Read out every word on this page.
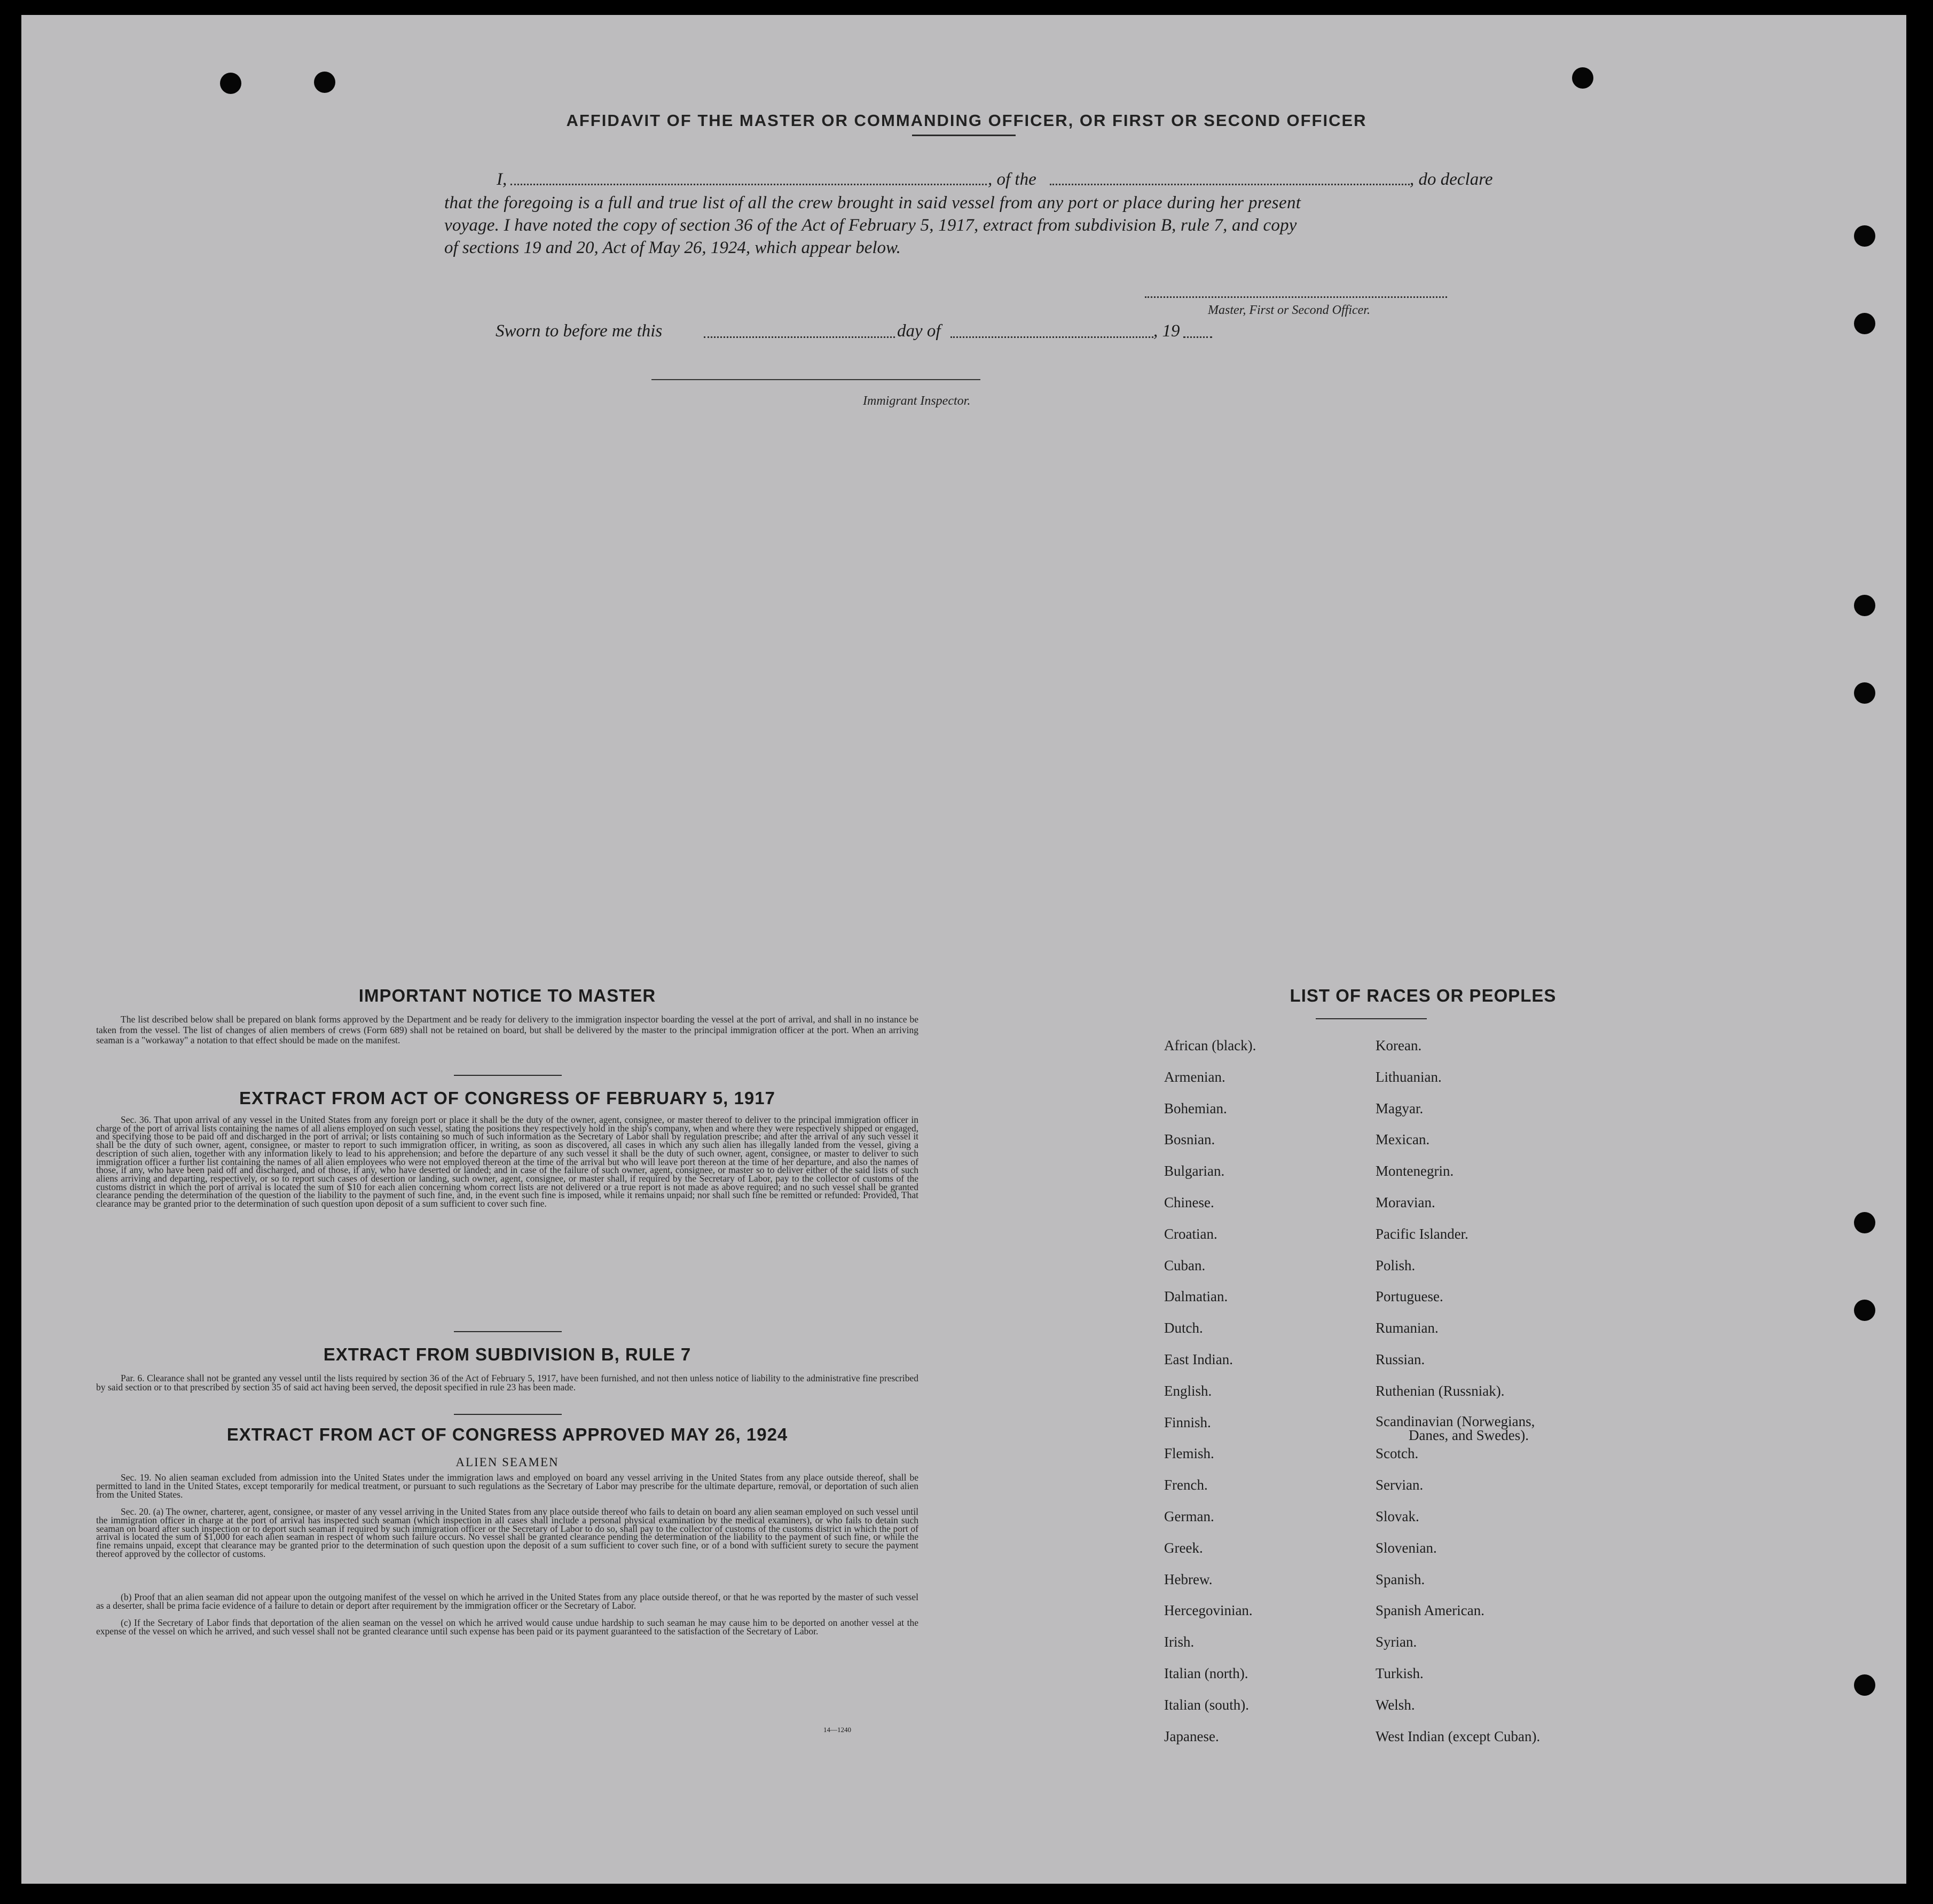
AFFIDAVIT OF THE MASTER OR COMMANDING OFFICER, OR FIRST OR SECOND OFFICER
I,	, of the	, do declare
that the foregoing is a full and true list of all the crew brought in said vessel from any port or place during her present
voyage. I have noted the copy of section 36 of the Act of February 5, 1917, extract from subdivision B, rule 7, and copy
of sections 19 and 20, Act of May 26, 1924, which appear below.
Master, First or Second Officer.
Sworn to before me this	day of	, 19
Immigrant Inspector.
IMPORTANT NOTICE TO MASTER
The list described below shall be prepared on blank forms approved by the Department and be ready for delivery to the immigration inspector boarding the vessel at the port of arrival, and shall in no instance be taken from the vessel. The list of changes of alien members of crews (Form 689) shall not be retained on board, but shall be delivered by the master to the principal immigration officer at the port. When an arriving seaman is a "workaway" a notation to that effect should be made on the manifest.
EXTRACT FROM ACT OF CONGRESS OF FEBRUARY 5, 1917
Sec. 36. That upon arrival of any vessel in the United States from any foreign port or place it shall be the duty of the owner, agent, consignee, or master thereof to deliver to the principal immigration officer in charge of the port of arrival lists containing the names of all aliens employed on such vessel, stating the positions they respectively hold in the ship's company, when and where they were respectively shipped or engaged, and specifying those to be paid off and discharged in the port of arrival; or lists containing so much of such information as the Secretary of Labor shall by regulation prescribe; and after the arrival of any such vessel it shall be the duty of such owner, agent, consignee, or master to report to such immigration officer, in writing, as soon as discovered, all cases in which any such alien has illegally landed from the vessel, giving a description of such alien, together with any information likely to lead to his apprehension; and before the departure of any such vessel it shall be the duty of such owner, agent, consignee, or master to deliver to such immigration officer a further list containing the names of all alien employees who were not employed thereon at the time of the arrival but who will leave port thereon at the time of her departure, and also the names of those, if any, who have been paid off and discharged, and of those, if any, who have deserted or landed; and in case of the failure of such owner, agent, consignee, or master so to deliver either of the said lists of such aliens arriving and departing, respectively, or so to report such cases of desertion or landing, such owner, agent, consignee, or master shall, if required by the Secretary of Labor, pay to the collector of customs of the customs district in which the port of arrival is located the sum of $10 for each alien concerning whom correct lists are not delivered or a true report is not made as above required; and no such vessel shall be granted clearance pending the determination of the question of the liability to the payment of such fine, and, in the event such fine is imposed, while it remains unpaid; nor shall such fine be remitted or refunded: Provided, That clearance may be granted prior to the determination of such question upon deposit of a sum sufficient to cover such fine.
EXTRACT FROM SUBDIVISION B, RULE 7
Par. 6. Clearance shall not be granted any vessel until the lists required by section 36 of the Act of February 5, 1917, have been furnished, and not then unless notice of liability to the administrative fine prescribed by said section or to that prescribed by section 35 of said act having been served, the deposit specified in rule 23 has been made.
EXTRACT FROM ACT OF CONGRESS APPROVED MAY 26, 1924
ALIEN SEAMEN
Sec. 19. No alien seaman excluded from admission into the United States under the immigration laws and employed on board any vessel arriving in the United States from any place outside thereof, shall be permitted to land in the United States, except temporarily for medical treatment, or pursuant to such regulations as the Secretary of Labor may prescribe for the ultimate departure, removal, or deportation of such alien from the United States.
Sec. 20. (a) The owner, charterer, agent, consignee, or master of any vessel arriving in the United States from any place outside thereof who fails to detain on board any alien seaman employed on such vessel until the immigration officer in charge at the port of arrival has inspected such seaman (which inspection in all cases shall include a personal physical examination by the medical examiners), or who fails to detain such seaman on board after such inspection or to deport such seaman if required by such immigration officer or the Secretary of Labor to do so, shall pay to the collector of customs of the customs district in which the port of arrival is located the sum of $1,000 for each alien seaman in respect of whom such failure occurs. No vessel shall be granted clearance pending the determination of the liability to the payment of such fine, or while the fine remains unpaid, except that clearance may be granted prior to the determination of such question upon the deposit of a sum sufficient to cover such fine, or of a bond with sufficient surety to secure the payment thereof approved by the collector of customs.
(b) Proof that an alien seaman did not appear upon the outgoing manifest of the vessel on which he arrived in the United States from any place outside thereof, or that he was reported by the master of such vessel as a deserter, shall be prima facie evidence of a failure to detain or deport after requirement by the immigration officer or the Secretary of Labor.
(c) If the Secretary of Labor finds that deportation of the alien seaman on the vessel on which he arrived would cause undue hardship to such seaman he may cause him to be deported on another vessel at the expense of the vessel on which he arrived, and such vessel shall not be granted clearance until such expense has been paid or its payment guaranteed to the satisfaction of the Secretary of Labor.
14—1240
LIST OF RACES OR PEOPLES
African (black).
Armenian.
Bohemian.
Bosnian.
Bulgarian.
Chinese.
Croatian.
Cuban.
Dalmatian.
Dutch.
East Indian.
English.
Finnish.
Flemish.
French.
German.
Greek.
Hebrew.
Hercegovinian.
Irish.
Italian (north).
Italian (south).
Japanese.
Korean.
Lithuanian.
Magyar.
Mexican.
Montenegrin.
Moravian.
Pacific Islander.
Polish.
Portuguese.
Rumanian.
Russian.
Ruthenian (Russniak).
Scandinavian (Norwegians,
Danes, and Swedes).
Scotch.
Servian.
Slovak.
Slovenian.
Spanish.
Spanish American.
Syrian.
Turkish.
Welsh.
West Indian (except Cuban).
